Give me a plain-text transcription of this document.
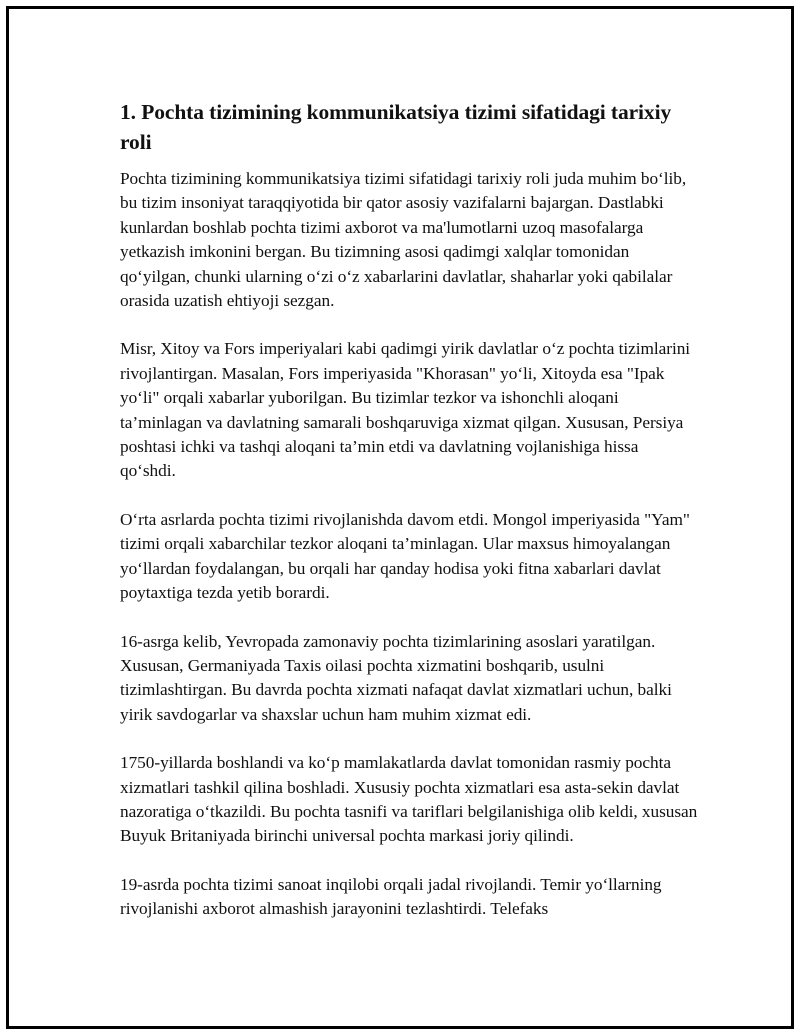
1. Pochta tizimining kommunikatsiya tizimi sifatidagi tarixiy roli

Pochta tizimining kommunikatsiya tizimi sifatidagi tarixiy roli juda muhim bo‘lib, bu tizim insoniyat taraqqiyotida bir qator asosiy vazifalarni bajargan. Dastlabki kunlardan boshlab pochta tizimi axborot va ma'lumotlarni uzoq masofalarga yetkazish imkonini bergan. Bu tizimning asosi qadimgi xalqlar tomonidan qo‘yilgan, chunki ularning o‘zi o‘z xabarlarini davlatlar, shaharlar yoki qabilalar orasida uzatish ehtiyoji sezgan.

Misr, Xitoy va Fors imperiyalari kabi qadimgi yirik davlatlar o‘z pochta tizimlarini rivojlantirgan. Masalan, Fors imperiyasida "Khorasan" yo‘li, Xitoyda esa "Ipak yo‘li" orqali xabarlar yuborilgan. Bu tizimlar tezkor va ishonchli aloqani ta’minlagan va davlatning samarali boshqaruviga xizmat qilgan. Xususan, Persiya poshtasi ichki va tashqi aloqani ta’min etdi va davlatning vojlanishiga hissa qo‘shdi.

O‘rta asrlarda pochta tizimi rivojlanishda davom etdi. Mongol imperiyasida "Yam" tizimi orqali xabarchilar tezkor aloqani ta’minlagan. Ular maxsus himoyalangan yo‘llardan foydalangan, bu orqali har qanday hodisa yoki fitna xabarlari davlat poytaxtiga tezda yetib borardi.

16-asrga kelib, Yevropada zamonaviy pochta tizimlarining asoslari yaratilgan. Xususan, Germaniyada Taxis oilasi pochta xizmatini boshqarib, usulni tizimlashtirgan. Bu davrda pochta xizmati nafaqat davlat xizmatlari uchun, balki yirik savdogarlar va shaxslar uchun ham muhim xizmat edi.

1750-yillarda boshlandi va ko‘p mamlakatlarda davlat tomonidan rasmiy pochta xizmatlari tashkil qilina boshladi. Xususiy pochta xizmatlari esa asta-sekin davlat nazoratiga o‘tkazildi. Bu pochta tasnifi va tariflari belgilanishiga olib keldi, xususan Buyuk Britaniyada birinchi universal pochta markasi joriy qilindi.

19-asrda pochta tizimi sanoat inqilobi orqali jadal rivojlandi. Temir yo‘llarning rivojlanishi axborot almashish jarayonini tezlashtirdi. Telefaks
